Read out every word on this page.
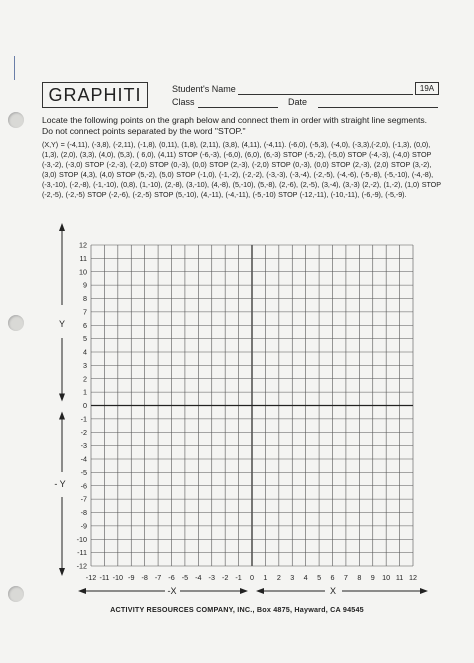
GRAPHITI	Student's Name	19A
Class	Date
Locate the following points on the graph below and connect them in order with straight line segments. Do not connect points separated by the word "STOP."
(X,Y) = (-4,11), (-3,8), (-2,11), (-1,8), (0,11), (1,8), (2,11), (3,8), (4,11), (-4,11). (-6,0), (-5,3), (-4,0), (-3,3),(-2,0), (-1,3), (0,0), (1,3), (2,0), (3,3), (4,0), (5,3), ( 6,0), (4,11) STOP (-6,-3), (-6,0), (6,0), (6,-3) STOP (-5,-2), (-5,0) STOP (-4,-3), (-4,0) STOP (-3,-2), (-3,0) STOP (-2,-3), (-2,0) STOP (0,-3), (0,0) STOP (2,-3), (-2,0) STOP (0,-3), (0,0) STOP (2,-3), (2,0) STOP (3,-2), (3,0) STOP (4,3), (4,0) STOP (5,-2), (5,0) STOP (-1,0), (-1,-2), (-2,-2), (-3,-3), (-3,-4), (-2,-5), (-4,-6), (-5,-8), (-5,-10), (-4,-8), (-3,-10), (-2,-8), (-1,-10), (0,8), (1,-10), (2,-8), (3,-10), (4,-8), (5,-10), (5,-8), (2,-6), (2,-5), (3,-4), (3,-3) (2,-2), (1,-2), (1,0) STOP (-2,-5), (-2,-5) STOP (-2,-6), (-2,-5) STOP (5,-10), (4,-11), (-4,-11), (-5,-10) STOP (-12,-11), (-10,-11), (-6,-9), (-5,-9).
-12 -11 -10 -9 -8 -7 -6 -5 -4 -3 -2 -1 0 1 2 3 4 5 6 7 8 9 10 11 12
12
11
10
9
8
7
6
5
4
3
2
1
0
-1
-2
-3
-4
-5
-6
-7
-8
-9
-10
-11
-12
Y
- Y
-X	X
ACTIVITY RESOURCES COMPANY, INC., Box 4875, Hayward, CA 94545
